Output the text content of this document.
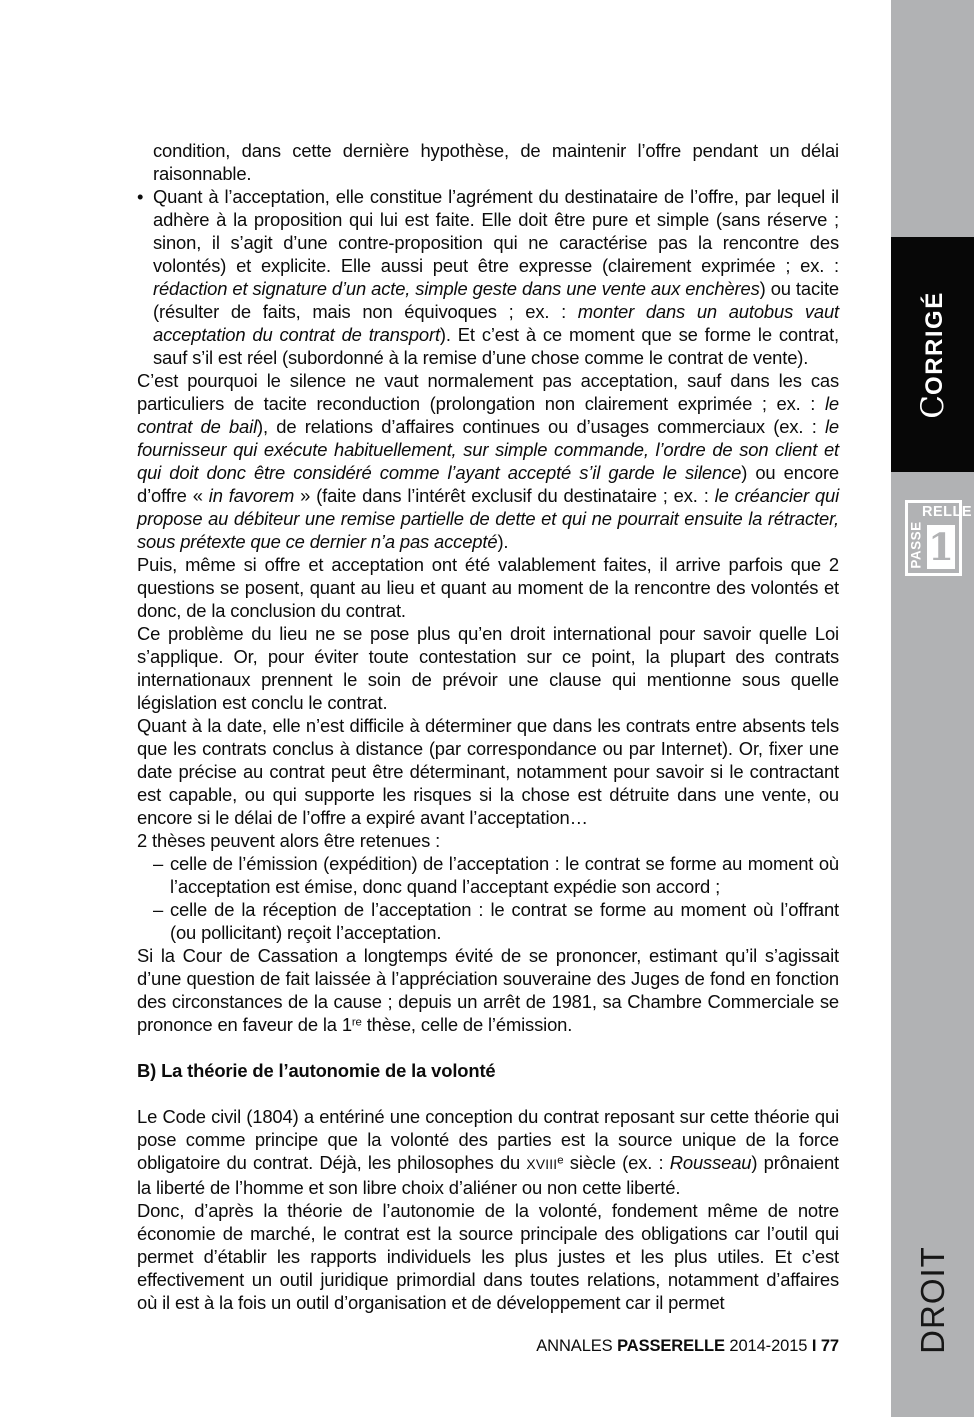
condition, dans cette dernière hypothèse, de maintenir l’offre pendant un délai raisonnable.
• Quant à l’acceptation, elle constitue l’agrément du destinataire de l’offre, par lequel il adhère à la proposition qui lui est faite. Elle doit être pure et simple (sans réserve ; sinon, il s’agit d’une contre-proposition qui ne caractérise pas la rencontre des volontés) et explicite. Elle aussi peut être expresse (clairement exprimée ; ex. : rédaction et signature d’un acte, simple geste dans une vente aux enchères) ou tacite (résulter de faits, mais non équivoques ; ex. : monter dans un autobus vaut acceptation du contrat de transport). Et c’est à ce moment que se forme le contrat, sauf s’il est réel (subordonné à la remise d’une chose comme le contrat de vente).
C’est pourquoi le silence ne vaut normalement pas acceptation, sauf dans les cas particuliers de tacite reconduction (prolongation non clairement exprimée ; ex. : le contrat de bail), de relations d’affaires continues ou d’usages commerciaux (ex. : le fournisseur qui exécute habituellement, sur simple commande, l’ordre de son client et qui doit donc être considéré comme l’ayant accepté s’il garde le silence) ou encore d’offre « in favorem » (faite dans l’intérêt exclusif du destinataire ; ex. : le créancier qui propose au débiteur une remise partielle de dette et qui ne pourrait ensuite la rétracter, sous prétexte que ce dernier n’a pas accepté).
Puis, même si offre et acceptation ont été valablement faites, il arrive parfois que 2 questions se posent, quant au lieu et quant au moment de la rencontre des volontés et donc, de la conclusion du contrat.
Ce problème du lieu ne se pose plus qu’en droit international pour savoir quelle Loi s’applique. Or, pour éviter toute contestation sur ce point, la plupart des contrats internationaux prennent le soin de prévoir une clause qui mentionne sous quelle législation est conclu le contrat.
Quant à la date, elle n’est difficile à déterminer que dans les contrats entre absents tels que les contrats conclus à distance (par correspondance ou par Internet). Or, fixer une date précise au contrat peut être déterminant, notamment pour savoir si le contractant est capable, ou qui supporte les risques si la chose est détruite dans une vente, ou encore si le délai de l’offre a expiré avant l’acceptation…
2 thèses peuvent alors être retenues :
– celle de l’émission (expédition) de l’acceptation : le contrat se forme au moment où l’acceptation est émise, donc quand l’acceptant expédie son accord ;
– celle de la réception de l’acceptation : le contrat se forme au moment où l’offrant (ou pollicitant) reçoit l’acceptation.
Si la Cour de Cassation a longtemps évité de se prononcer, estimant qu’il s’agissait d’une question de fait laissée à l’appréciation souveraine des Juges de fond en fonction des circonstances de la cause ; depuis un arrêt de 1981, sa Chambre Commerciale se prononce en faveur de la 1re thèse, celle de l’émission.
B) La théorie de l’autonomie de la volonté
Le Code civil (1804) a entériné une conception du contrat reposant sur cette théorie qui pose comme principe que la volonté des parties est la source unique de la force obligatoire du contrat. Déjà, les philosophes du XVIIIe siècle (ex. : Rousseau) prônaient la liberté de l’homme et son libre choix d’aliéner ou non cette liberté.
Donc, d’après la théorie de l’autonomie de la volonté, fondement même de notre économie de marché, le contrat est la source principale des obligations car l’outil qui permet d’établir les rapports individuels les plus justes et les plus utiles. Et c’est effectivement un outil juridique primordial dans toutes relations, notamment d’affaires où il est à la fois un outil d’organisation et de développement car il permet
ANNALES PASSERELLE 2014-2015 I 77
CORRIGÉ
RELLE
PASSE 1
DROIT
